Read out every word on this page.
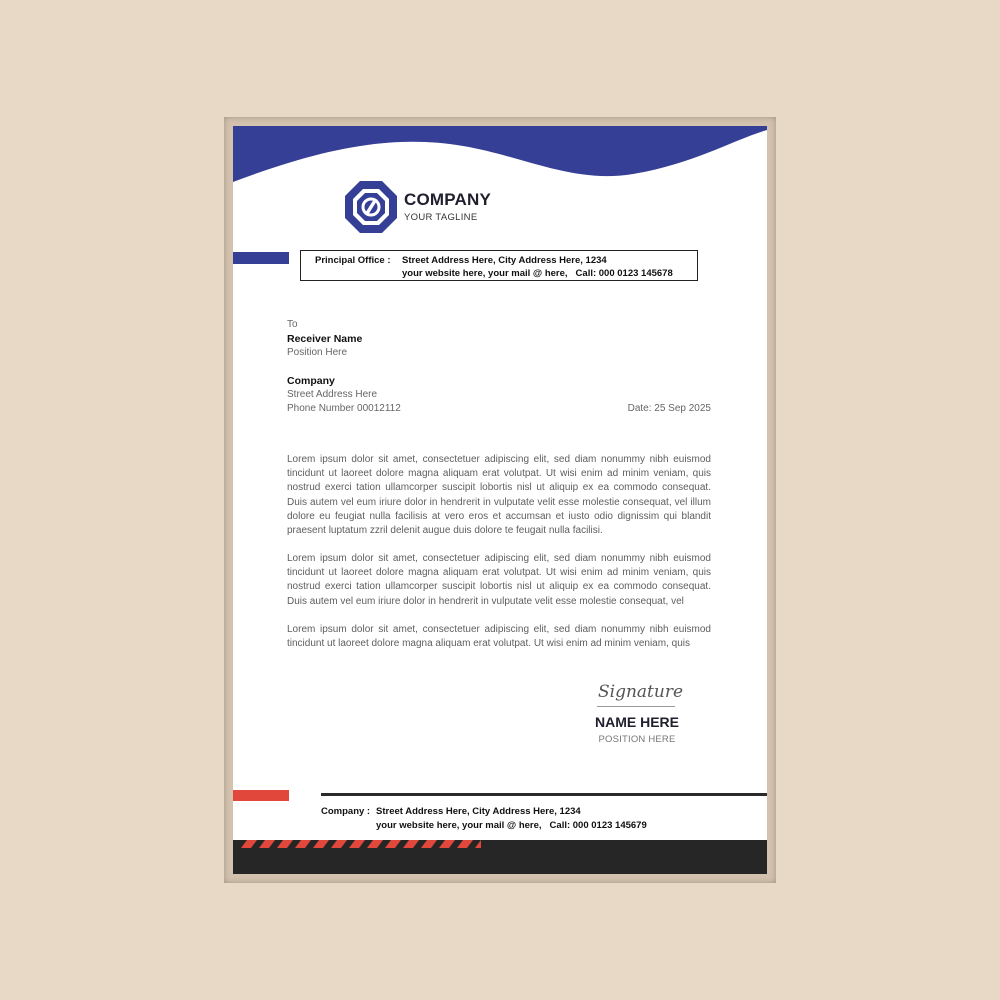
COMPANY
YOUR TAGLINE
Principal Office : Street Address Here, City Address Here, 1234
your website here, your mail @ here, Call: 000 0123 145678
To
Receiver Name
Position Here
Company
Street Address Here
Phone Number 00012112	Date: 25 Sep 2025
Lorem ipsum dolor sit amet, consectetuer adipiscing elit, sed diam nonummy nibh euismod tincidunt ut laoreet dolore magna aliquam erat volutpat. Ut wisi enim ad minim veniam, quis nostrud exerci tation ullamcorper suscipit lobortis nisl ut aliquip ex ea commodo consequat. Duis autem vel eum iriure dolor in hendrerit in vulputate velit esse molestie consequat, vel illum dolore eu feugiat nulla facilisis at vero eros et accumsan et iusto odio dignissim qui blandit praesent luptatum zzril delenit augue duis dolore te feugait nulla facilisi.
Lorem ipsum dolor sit amet, consectetuer adipiscing elit, sed diam nonummy nibh euismod tincidunt ut laoreet dolore magna aliquam erat volutpat. Ut wisi enim ad minim veniam, quis nostrud exerci tation ullamcorper suscipit lobortis nisl ut aliquip ex ea commodo consequat. Duis autem vel eum iriure dolor in hendrerit in vulputate velit esse molestie consequat, vel
Lorem ipsum dolor sit amet, consectetuer adipiscing elit, sed diam nonummy nibh euismod tincidunt ut laoreet dolore magna aliquam erat volutpat. Ut wisi enim ad minim veniam, quis
Signature
NAME HERE
POSITION HERE
Company : Street Address Here, City Address Here, 1234
your website here, your mail @ here, Call: 000 0123 145679
